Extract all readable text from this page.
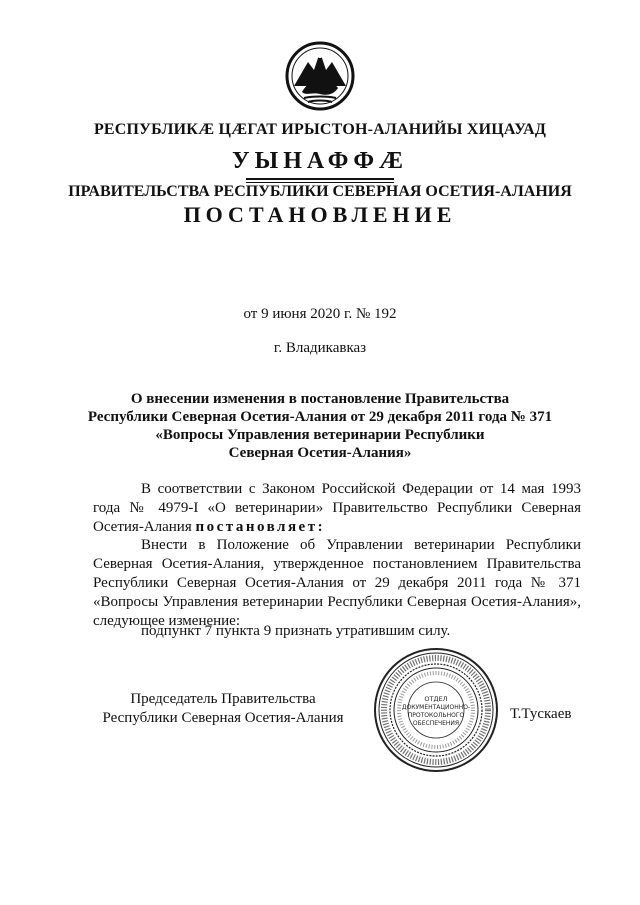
РЕСПУБЛИКӔ ЦӔГАТ ИРЫСТОН-АЛАНИЙЫ ХИЦАУАД
УЫНАФФӔ
ПРАВИТЕЛЬСТВА РЕСПУБЛИКИ СЕВЕРНАЯ ОСЕТИЯ-АЛАНИЯ
ПОСТАНОВЛЕНИЕ
от 9 июня 2020 г. № 192
г. Владикавказ
О внесении изменения в постановление Правительства
Республики Северная Осетия-Алания от 29 декабря 2011 года № 371
«Вопросы Управления ветеринарии Республики
Северная Осетия-Алания»
В соответствии с Законом Российской Федерации от 14 мая 1993 года № 4979-I «О ветеринарии» Правительство Республики Северная Осетия-Алания постановляет:
Внести в Положение об Управлении ветеринарии Республики Северная Осетия-Алания, утвержденное постановлением Правительства Республики Северная Осетия-Алания от 29 декабря 2011 года № 371 «Вопросы Управления ветеринарии Республики Северная Осетия-Алания», следующее изменение:
подпункт 7 пункта 9 признать утратившим силу.
Председатель Правительства
Республики Северная Осетия-Алания
ОТДЕЛ
ДОКУМЕНТАЦИОННО-
ПРОТОКОЛЬНОГО
ОБЕСПЕЧЕНИЯ
Т.Тускаев
